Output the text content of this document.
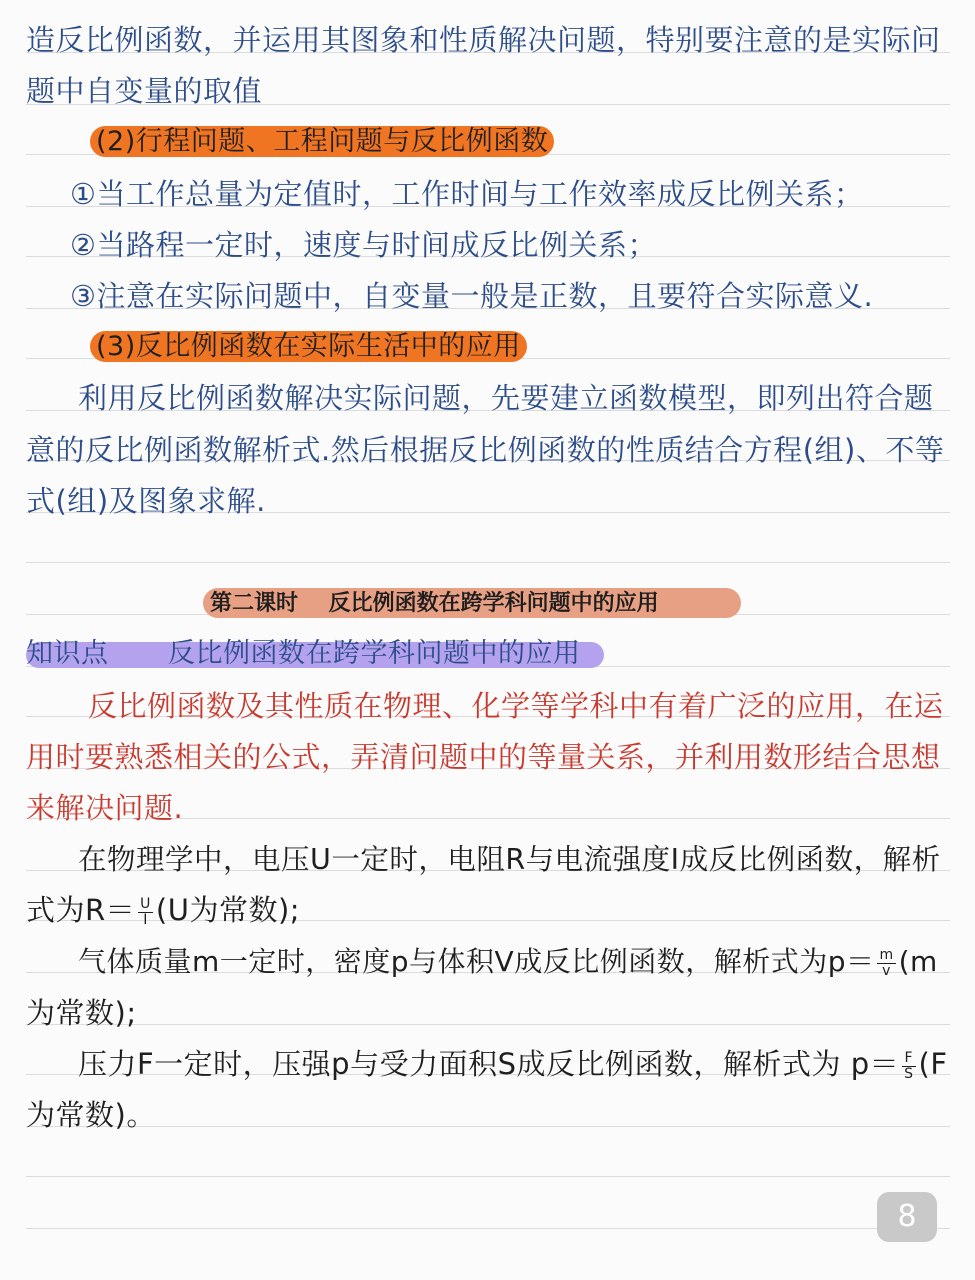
造反比例函数，并运用其图象和性质解决问题，特别要注意的是实际问
题中自变量的取值
(2)行程问题、工程问题与反比例函数
①当工作总量为定值时，工作时间与工作效率成反比例关系；
②当路程一定时，速度与时间成反比例关系；
③注意在实际问题中，自变量一般是正数，且要符合实际意义.
(3)反比例函数在实际生活中的应用
利用反比例函数解决实际问题，先要建立函数模型，即列出符合题
意的反比例函数解析式.然后根据反比例函数的性质结合方程(组)、不等
式(组)及图象求解.
第二课时    反比例函数在跨学科问题中的应用
知识点 反比例函数在跨学科问题中的应用
反比例函数及其性质在物理、化学等学科中有着广泛的应用，在运
用时要熟悉相关的公式，弄清问题中的等量关系，并利用数形结合思想
来解决问题.
在物理学中，电压U一定时，电阻R与电流强度I成反比例函数，解析
式为$R= \frac{U}{I} (U$为常数);
气体质量m一定时，密度p与体积V成反比例函数，解析式为$p= \frac{m}{v} (m$
为常数);
压力F一定时，压强p与受力面积S成反比例函数，解析式为 $p= \frac{F}{S} (F$
为常数)。
8
